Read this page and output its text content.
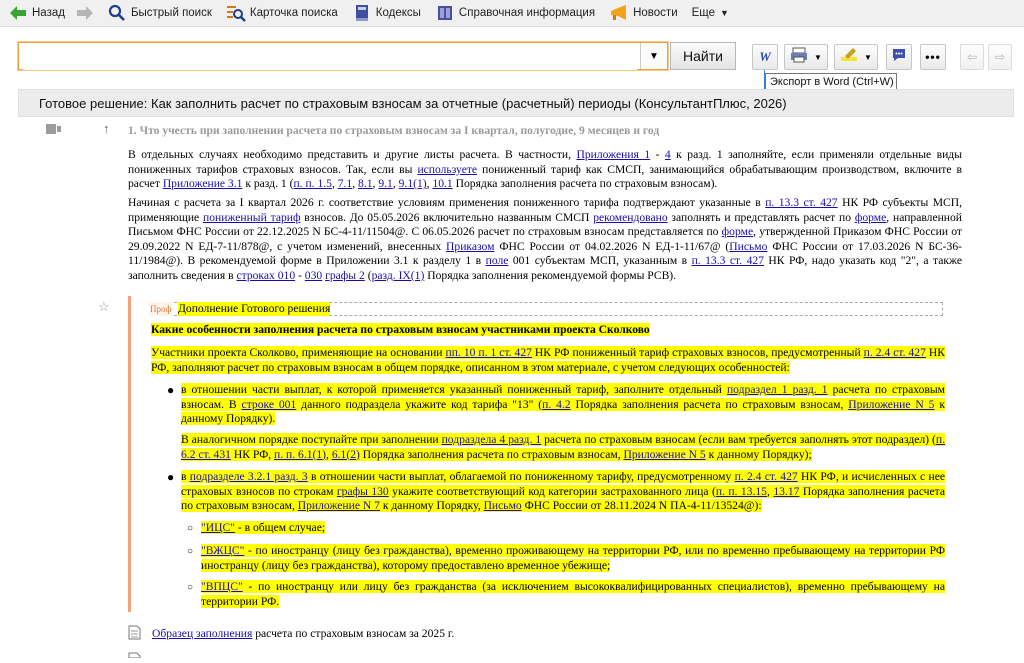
Назад	Быстрый поиск	Карточка поиска	Кодексы	Справочная информация	Новости Еще ▼
▼	Найти	W	▼	▼	••• ⇦ ⇨
Экспорт в Word (Ctrl+W)
Готовое решение: Как заполнить расчет по страховым взносам за отчетные (расчетный) периоды (КонсультантПлюс, 2026)
↑ 1. Что учесть при заполнении расчета по страховым взносам за I квартал, полугодие, 9 месяцев и год
В отдельных случаях необходимо представить и другие листы расчета. В частности, Приложения 1 - 4 к разд. 1 заполняйте, если применяли отдельные виды пониженных тарифов страховых взносов. Так, если вы используете пониженный тариф как СМСП, занимающийся обрабатывающим производством, включите в расчет Приложение 3.1 к разд. 1 (п. п. 1.5, 7.1, 8.1, 9.1, 9.1(1), 10.1 Порядка заполнения расчета по страховым взносам).
Начиная с расчета за I квартал 2026 г. соответствие условиям применения пониженного тарифа подтверждают указанные в п. 13.3 ст. 427 НК РФ субъекты МСП, применяющие пониженный тариф взносов. До 05.05.2026 включительно названным СМСП рекомендовано заполнять и представлять расчет по форме, направленной Письмом ФНС России от 22.12.2025 N БС-4-11/11504@. С 06.05.2026 расчет по страховым взносам представляется по форме, утвержденной Приказом ФНС России от 29.09.2022 N ЕД-7-11/878@, с учетом изменений, внесенных Приказом ФНС России от 04.02.2026 N ЕД-1-11/67@ (Письмо ФНС России от 17.03.2026 N БС-36-11/1984@). В рекомендуемой форме в Приложении 3.1 к разделу 1 в поле 001 субъектам МСП, указанным в п. 13.3 ст. 427 НК РФ, надо указать код "2", а также заполнить сведения в строках 010 - 030 графы 2 (разд. IX(1) Порядка заполнения рекомендуемой формы РСВ).
☆	Проф Дополнение Готового решения
Какие особенности заполнения расчета по страховым взносам участниками проекта Сколково
Участники проекта Сколково, применяющие на основании пп. 10 п. 1 ст. 427 НК РФ пониженный тариф страховых взносов, предусмотренный п. 2.4 ст. 427 НК РФ, заполняют расчет по страховым взносам в общем порядке, описанном в этом материале, с учетом следующих особенностей:
● в отношении части выплат, к которой применяется указанный пониженный тариф, заполните отдельный подраздел 1 разд. 1 расчета по страховым взносам. В строке 001 данного подраздела укажите код тарифа "13" (п. 4.2 Порядка заполнения расчета по страховым взносам, Приложение N 5 к данному Порядку).
В аналогичном порядке поступайте при заполнении подраздела 4 разд. 1 расчета по страховым взносам (если вам требуется заполнять этот подраздел) (п. 6.2 ст. 431 НК РФ, п. п. 6.1(1), 6.1(2) Порядка заполнения расчета по страховым взносам, Приложение N 5 к данному Порядку);
● в подразделе 3.2.1 разд. 3 в отношении части выплат, облагаемой по пониженному тарифу, предусмотренному п. 2.4 ст. 427 НК РФ, и исчисленных с нее страховых взносов по строкам графы 130 укажите соответствующий код категории застрахованного лица (п. п. 13.15, 13.17 Порядка заполнения расчета по страховым взносам, Приложение N 7 к данному Порядку, Письмо ФНС России от 28.11.2024 N ПА-4-11/13524@):
○ "ИЦС" - в общем случае;
○ "ВЖЦС" - по иностранцу (лицу без гражданства), временно проживающему на территории РФ, или по временно пребывающему на территории РФ иностранцу (лицу без гражданства), которому предоставлено временное убежище;
○ "ВПЦС" - по иностранцу или лицу без гражданства (за исключением высококвалифицированных специалистов), временно пребывающему на территории РФ.
Образец заполнения расчета по страховым взносам за 2025 г.
